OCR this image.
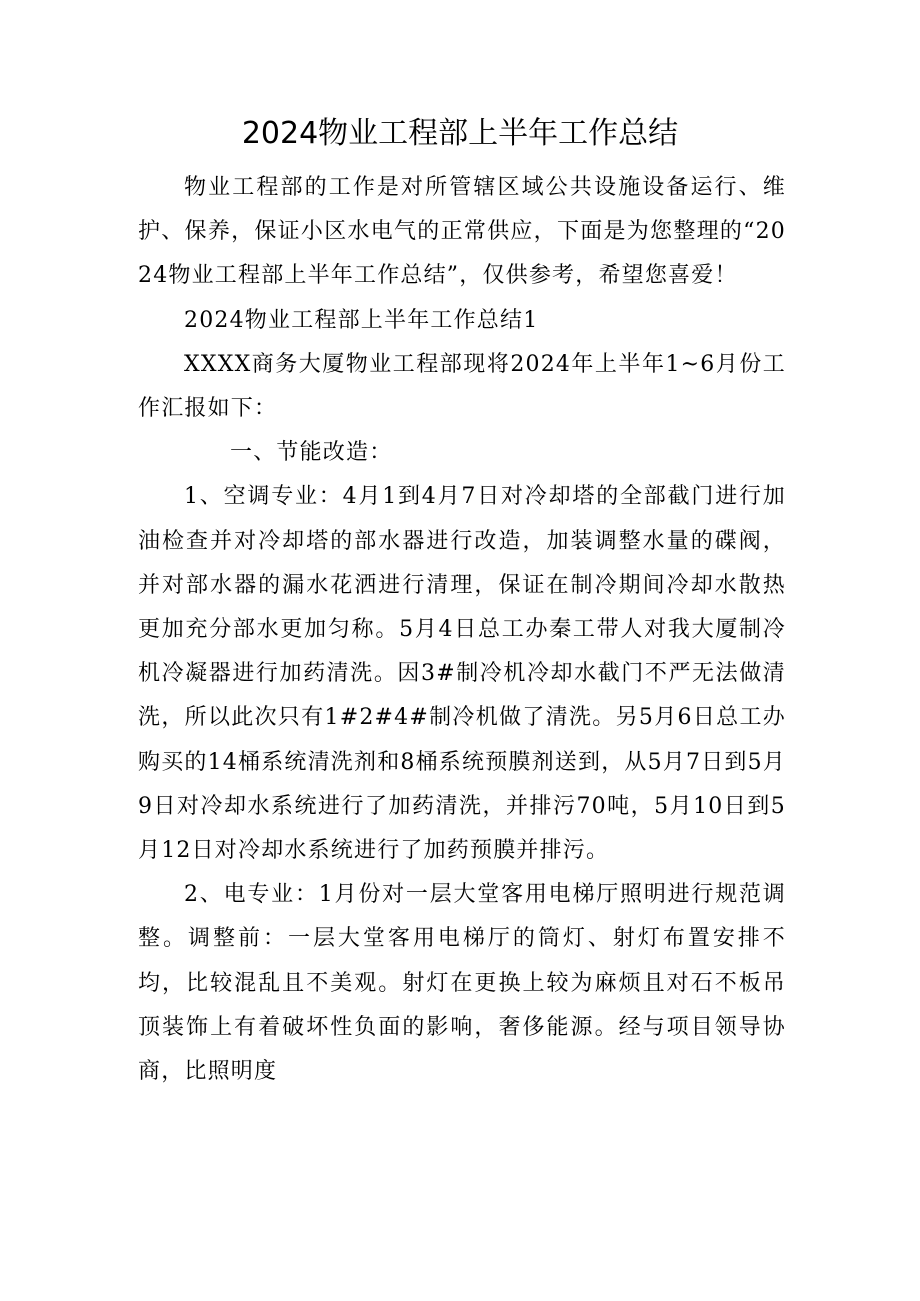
2024物业工程部上半年工作总结

物业工程部的工作是对所管辖区域公共设施设备运行、维护、保养，保证小区水电气的正常供应，下面是为您整理的“2024物业工程部上半年工作总结”，仅供参考，希望您喜爱！

2024物业工程部上半年工作总结1

XXXX商务大厦物业工程部现将2024年上半年1~6月份工作汇报如下：

一、节能改造：

1、空调专业：4月1到4月7日对冷却塔的全部截门进行加油检查并对冷却塔的部水器进行改造，加装调整水量的碟阀，并对部水器的漏水花洒进行清理，保证在制冷期间冷却水散热更加充分部水更加匀称。5月4日总工办秦工带人对我大厦制冷机冷凝器进行加药清洗。因3#制冷机冷却水截门不严无法做清洗，所以此次只有1#2#4#制冷机做了清洗。另5月6日总工办购买的14桶系统清洗剂和8桶系统预膜剂送到，从5月7日到5月9日对冷却水系统进行了加药清洗，并排污70吨，5月10日到5月12日对冷却水系统进行了加药预膜并排污。

2、电专业：1月份对一层大堂客用电梯厅照明进行规范调整。调整前：一层大堂客用电梯厅的筒灯、射灯布置安排不均，比较混乱且不美观。射灯在更换上较为麻烦且对石不板吊顶装饰上有着破坏性负面的影响，奢侈能源。经与项目领导协商，比照明度
